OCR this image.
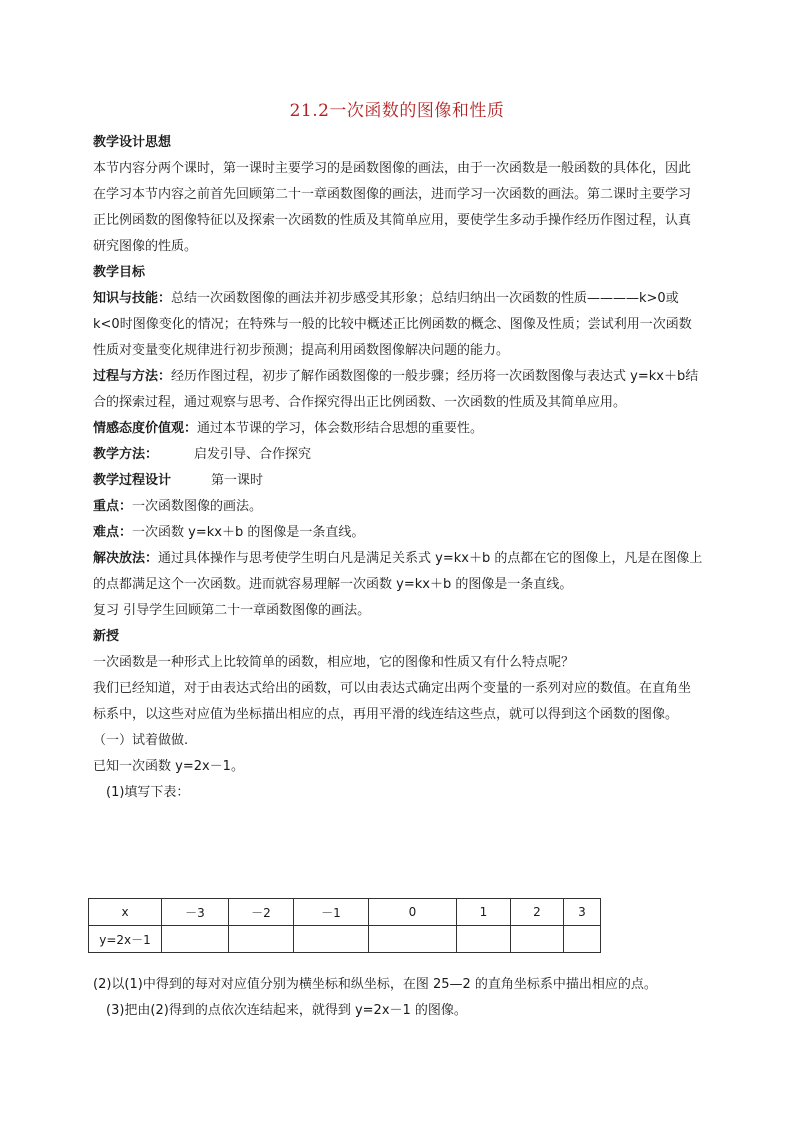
21.2一次函数的图像和性质

教学设计思想

本节内容分两个课时，第一课时主要学习的是函数图像的画法，由于一次函数是一般函数的具体化，因此在学习本节内容之前首先回顾第二十一章函数图像的画法，进而学习一次函数的画法。第二课时主要学习正比例函数的图像特征以及探索一次函数的性质及其简单应用，要使学生多动手操作经历作图过程，认真研究图像的性质。

教学目标

知识与技能：总结一次函数图像的画法并初步感受其形象；总结归纳出一次函数的性质————k>0或k<0时图像变化的情况；在特殊与一般的比较中概述正比例函数的概念、图像及性质；尝试利用一次函数性质对变量变化规律进行初步预测；提高利用函数图像解决问题的能力。

过程与方法：经历作图过程，初步了解作函数图像的一般步骤；经历将一次函数图像与表达式 y=kx＋b结合的探索过程，通过观察与思考、合作探究得出正比例函数、一次函数的性质及其简单应用。

情感态度价值观：通过本节课的学习，体会数形结合思想的重要性。

教学方法：	启发引导、合作探究

教学过程设计	第一课时

重点：一次函数图像的画法。

难点：一次函数 y=kx＋b 的图像是一条直线。

解决放法：通过具体操作与思考使学生明白凡是满足关系式 y=kx＋b 的点都在它的图像上，凡是在图像上的点都满足这个一次函数。进而就容易理解一次函数 y=kx＋b 的图像是一条直线。

复习 引导学生回顾第二十一章函数图像的画法。

新授

一次函数是一种形式上比较简单的函数，相应地，它的图像和性质又有什么特点呢？

我们已经知道，对于由表达式给出的函数，可以由表达式确定出两个变量的一系列对应的数值。在直角坐标系中，以这些对应值为坐标描出相应的点，再用平滑的线连结这些点，就可以得到这个函数的图像。

（一）试着做做.

已知一次函数 y=2x－1。

(1)填写下表：

x	－3	－2	－1	0	1	2	3
y=2x－1							

(2)以(1)中得到的每对对应值分别为横坐标和纵坐标，在图 25—2 的直角坐标系中描出相应的点。

(3)把由(2)得到的点依次连结起来，就得到 y=2x－1 的图像。
